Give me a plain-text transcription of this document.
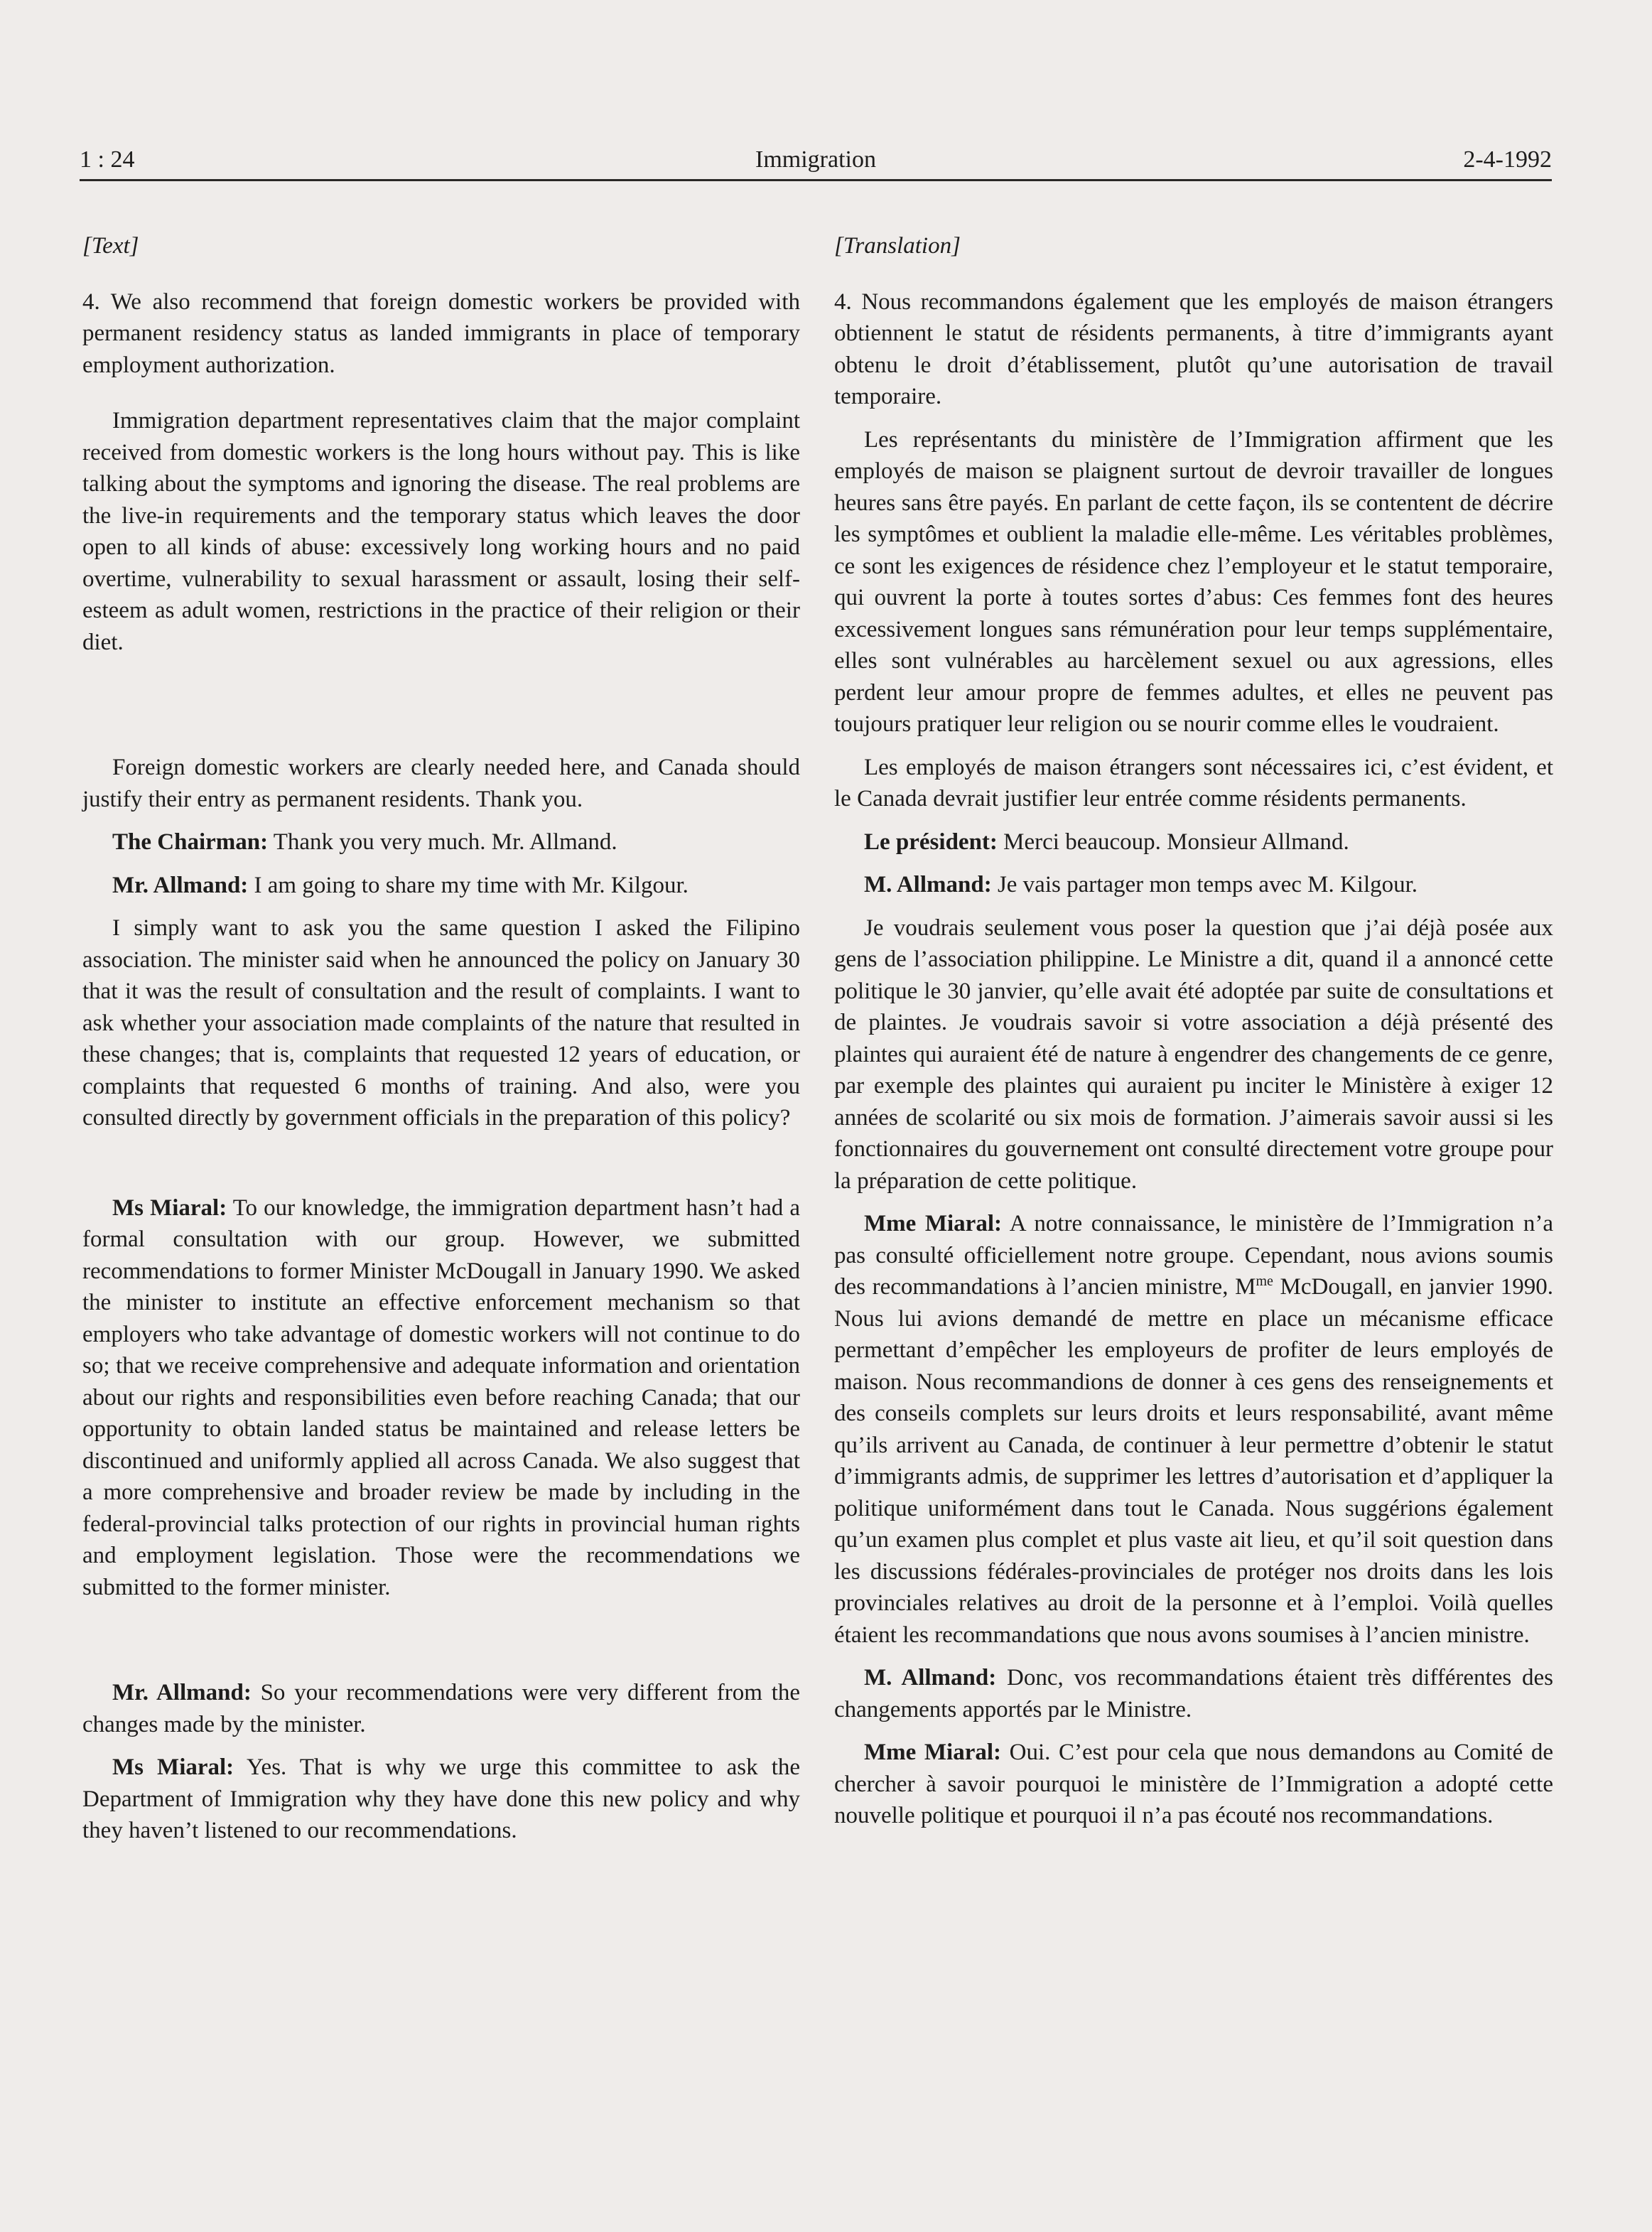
1 : 24	Immigration	2-4-1992
[Text]

4. We also recommend that foreign domestic workers be provided with permanent residency status as landed immigrants in place of temporary employment authorization.

Immigration department representatives claim that the major complaint received from domestic workers is the long hours without pay. This is like talking about the symptoms and ignoring the disease. The real problems are the live-in requirements and the temporary status which leaves the door open to all kinds of abuse: excessively long working hours and no paid overtime, vulnerability to sexual harassment or assault, losing their self-esteem as adult women, restrictions in the practice of their religion or their diet.

Foreign domestic workers are clearly needed here, and Canada should justify their entry as permanent residents. Thank you.

The Chairman: Thank you very much. Mr. Allmand.

Mr. Allmand: I am going to share my time with Mr. Kilgour.

I simply want to ask you the same question I asked the Filipino association. The minister said when he announced the policy on January 30 that it was the result of consultation and the result of complaints. I want to ask whether your association made complaints of the nature that resulted in these changes; that is, complaints that requested 12 years of education, or complaints that requested 6 months of training. And also, were you consulted directly by government officials in the preparation of this policy?

Ms Miaral: To our knowledge, the immigration department hasn’t had a formal consultation with our group. However, we submitted recommendations to former Minister McDougall in January 1990. We asked the minister to institute an effective enforcement mechanism so that employers who take advantage of domestic workers will not continue to do so; that we receive comprehensive and adequate information and orientation about our rights and responsibilities even before reaching Canada; that our opportunity to obtain landed status be maintained and release letters be discontinued and uniformly applied all across Canada. We also suggest that a more comprehensive and broader review be made by including in the federal-provincial talks protection of our rights in provincial human rights and employment legislation. Those were the recommendations we submitted to the former minister.

Mr. Allmand: So your recommendations were very different from the changes made by the minister.

Ms Miaral: Yes. That is why we urge this committee to ask the Department of Immigration why they have done this new policy and why they haven’t listened to our recommendations.

[Translation]

4. Nous recommandons également que les employés de maison étrangers obtiennent le statut de résidents permanents, à titre d’immigrants ayant obtenu le droit d’établissement, plutôt qu’une autorisation de travail temporaire.

Les représentants du ministère de l’Immigration affirment que les employés de maison se plaignent surtout de devroir travailler de longues heures sans être payés. En parlant de cette façon, ils se contentent de décrire les symptômes et oublient la maladie elle-même. Les véritables problèmes, ce sont les exigences de résidence chez l’employeur et le statut temporaire, qui ouvrent la porte à toutes sortes d’abus: Ces femmes font des heures excessivement longues sans rémunération pour leur temps supplémentaire, elles sont vulnérables au harcèlement sexuel ou aux agressions, elles perdent leur amour propre de femmes adultes, et elles ne peuvent pas toujours pratiquer leur religion ou se nourir comme elles le voudraient.

Les employés de maison étrangers sont nécessaires ici, c’est évident, et le Canada devrait justifier leur entrée comme résidents permanents.

Le président: Merci beaucoup. Monsieur Allmand.

M. Allmand: Je vais partager mon temps avec M. Kilgour.

Je voudrais seulement vous poser la question que j’ai déjà posée aux gens de l’association philippine. Le Ministre a dit, quand il a annoncé cette politique le 30 janvier, qu’elle avait été adoptée par suite de consultations et de plaintes. Je voudrais savoir si votre association a déjà présenté des plaintes qui auraient été de nature à engendrer des changements de ce genre, par exemple des plaintes qui auraient pu inciter le Ministère à exiger 12 années de scolarité ou six mois de formation. J’aimerais savoir aussi si les fonctionnaires du gouvernement ont consulté directement votre groupe pour la préparation de cette politique.

Mme Miaral: A notre connaissance, le ministère de l’Immigration n’a pas consulté officiellement notre groupe. Cependant, nous avions soumis des recommandations à l’ancien ministre, $M^{me}$ McDougall, en janvier 1990. Nous lui avions demandé de mettre en place un mécanisme efficace permettant d’empêcher les employeurs de profiter de leurs employés de maison. Nous recommandions de donner à ces gens des renseignements et des conseils complets sur leurs droits et leurs responsabilité, avant même qu’ils arrivent au Canada, de continuer à leur permettre d’obtenir le statut d’immigrants admis, de supprimer les lettres d’autorisation et d’appliquer la politique uniformément dans tout le Canada. Nous suggérions également qu’un examen plus complet et plus vaste ait lieu, et qu’il soit question dans les discussions fédérales-provinciales de protéger nos droits dans les lois provinciales relatives au droit de la personne et à l’emploi. Voilà quelles étaient les recommandations que nous avons soumises à l’ancien ministre.

M. Allmand: Donc, vos recommandations étaient très différentes des changements apportés par le Ministre.

Mme Miaral: Oui. C’est pour cela que nous demandons au Comité de chercher à savoir pourquoi le ministère de l’Immigration a adopté cette nouvelle politique et pourquoi il n’a pas écouté nos recommandations.
